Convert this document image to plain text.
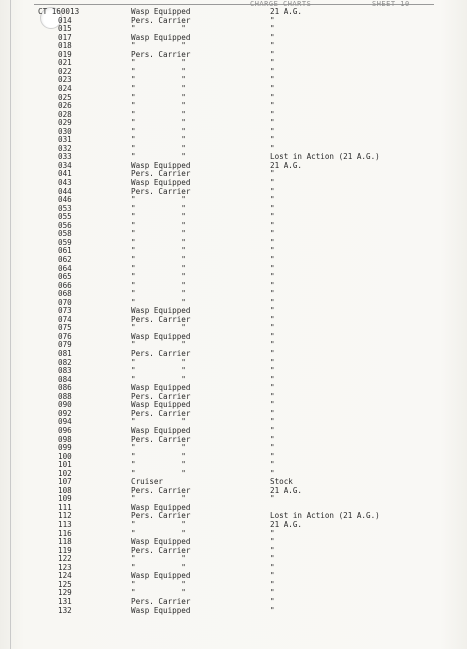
CHARGE CHARTS	SHEET 10
CT 160013	Wasp Equipped	21 A.G.
014	Pers. Carrier	"
015	"          "	"
017	Wasp Equipped	"
018	"          "	"
019	Pers. Carrier	"
021	"          "	"
022	"          "	"
023	"          "	"
024	"          "	"
025	"          "	"
026	"          "	"
028	"          "	"
029	"          "	"
030	"          "	"
031	"          "	"
032	"          "	"
033	"          "	Lost in Action (21 A.G.)
034	Wasp Equipped	21 A.G.
041	Pers. Carrier	"
043	Wasp Equipped	"
044	Pers. Carrier	"
046	"          "	"
053	"          "	"
055	"          "	"
056	"          "	"
058	"          "	"
059	"          "	"
061	"          "	"
062	"          "	"
064	"          "	"
065	"          "	"
066	"          "	"
068	"          "	"
070	"          "	"
073	Wasp Equipped	"
074	Pers. Carrier	"
075	"          "	"
076	Wasp Equipped	"
079	"          "	"
081	Pers. Carrier	"
082	"          "	"
083	"          "	"
084	"          "	"
086	Wasp Equipped	"
088	Pers. Carrier	"
090	Wasp Equipped	"
092	Pers. Carrier	"
094	"          "	"
096	Wasp Equipped	"
098	Pers. Carrier	"
099	"          "	"
100	"          "	"
101	"          "	"
102	"          "	"
107	Cruiser	Stock
108	Pers. Carrier	21 A.G.
109	"          "	"
111	Wasp Equipped
112	Pers. Carrier	Lost in Action (21 A.G.)
113	"          "	21 A.G.
116	"          "	"
118	Wasp Equipped	"
119	Pers. Carrier	"
122	"          "	"
123	"          "	"
124	Wasp Equipped	"
125	"          "	"
129	"          "	"
131	Pers. Carrier	"
132	Wasp Equipped	"
